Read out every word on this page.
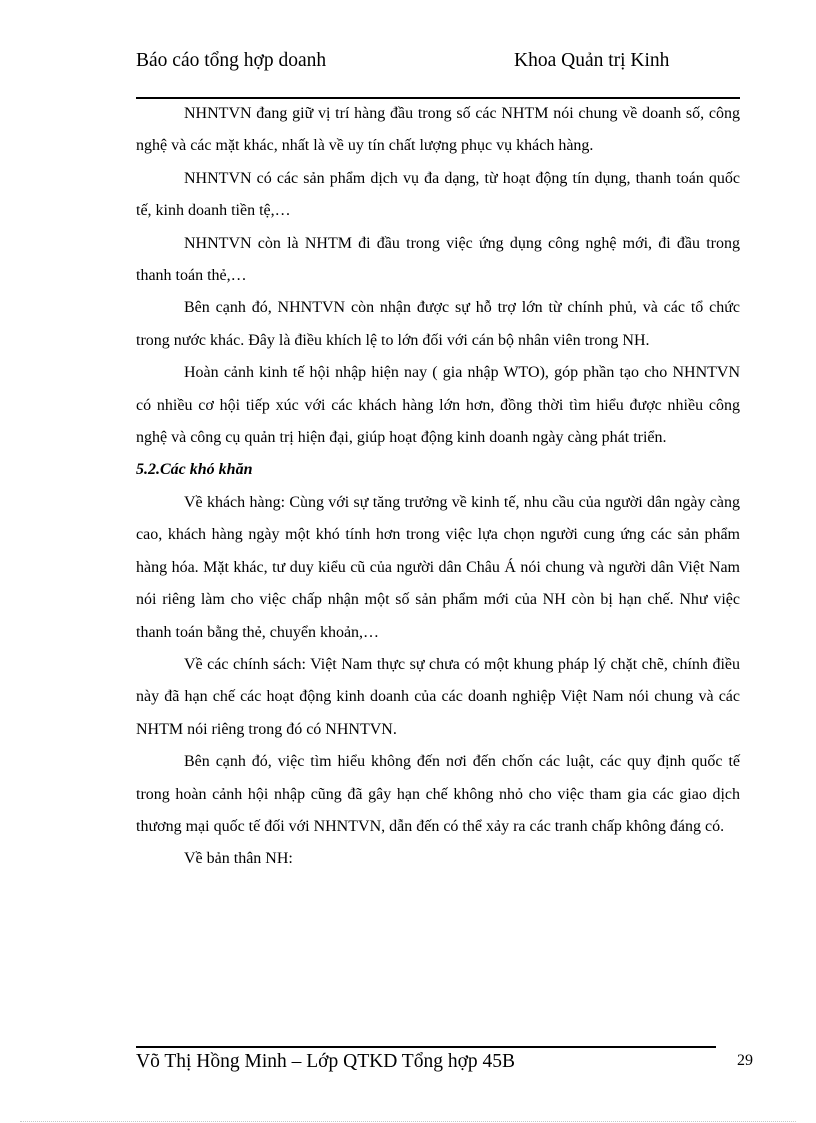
Báo cáo tổng hợp doanh	Khoa Quản trị Kinh

NHNTVN đang giữ vị trí hàng đầu trong số các NHTM nói chung về doanh số, công nghệ và các mặt khác, nhất là về uy tín chất lượng phục vụ khách hàng.

NHNTVN có các sản phẩm dịch vụ đa dạng, từ hoạt động tín dụng, thanh toán quốc tế, kinh doanh tiền tệ,…

NHNTVN còn là NHTM đi đầu trong việc ứng dụng công nghệ mới, đi đầu trong thanh toán thẻ,…

Bên cạnh đó, NHNTVN còn nhận được sự hỗ trợ lớn từ chính phủ, và các tổ chức trong nước khác. Đây là điều khích lệ to lớn đối với cán bộ nhân viên trong NH.

Hoàn cảnh kinh tế hội nhập hiện nay ( gia nhập WTO), góp phần tạo cho NHNTVN có nhiều cơ hội tiếp xúc với các khách hàng lớn hơn, đồng thời tìm hiểu được nhiều công nghệ và công cụ quản trị hiện đại, giúp hoạt động kinh doanh ngày càng phát triển.

5.2.Các khó khăn

Về khách hàng: Cùng với sự tăng trưởng về kinh tế, nhu cầu của người dân ngày càng cao, khách hàng ngày một khó tính hơn trong việc lựa chọn người cung ứng các sản phẩm hàng hóa. Mặt khác, tư duy kiểu cũ của người dân Châu Á nói chung và người dân Việt Nam nói riêng làm cho việc chấp nhận một số sản phẩm mới của NH còn bị hạn chế. Như việc thanh toán bằng thẻ, chuyển khoản,…

Về các chính sách: Việt Nam thực sự chưa có một khung pháp lý chặt chẽ, chính điều này đã hạn chế các hoạt động kinh doanh của các doanh nghiệp Việt Nam nói chung và các NHTM nói riêng trong đó có NHNTVN.

Bên cạnh đó, việc tìm hiểu không đến nơi đến chốn các luật, các quy định quốc tế trong hoàn cảnh hội nhập cũng đã gây hạn chế không nhỏ cho việc tham gia các giao dịch thương mại quốc tế đối với NHNTVN, dẫn đến có thể xảy ra các tranh chấp không đáng có.

Về bản thân NH:

Võ Thị Hồng Minh – Lớp QTKD Tổng hợp 45B	29
